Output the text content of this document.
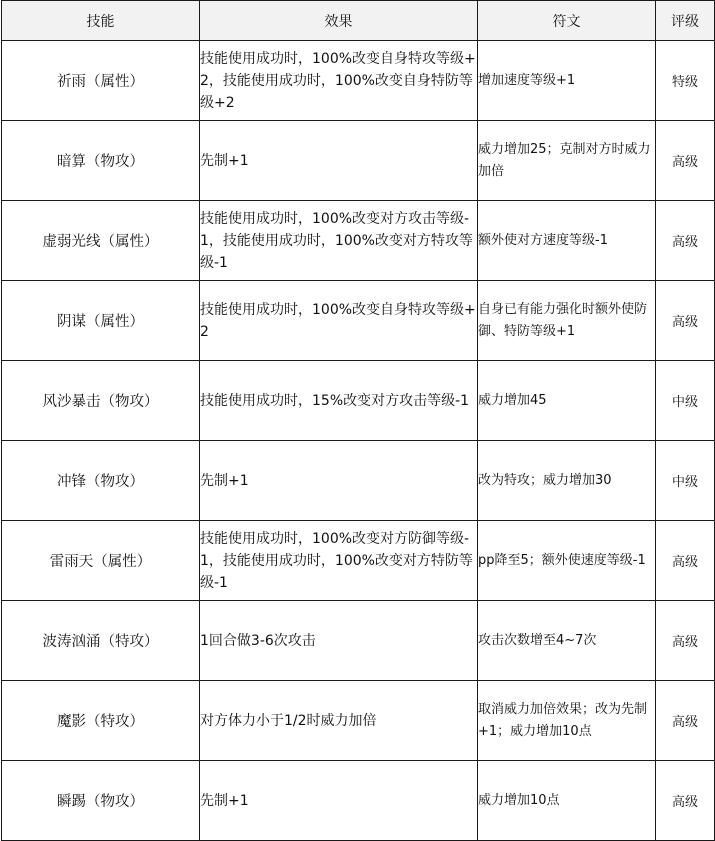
技能	效果	符文	评级
祈雨（属性）	技能使用成功时，100%改变自身特攻等级+2，技能使用成功时，100%改变自身特防等级+2	增加速度等级+1	特级
暗算（物攻）	先制+1	威力增加25；克制对方时威力加倍	高级
虚弱光线（属性）	技能使用成功时，100%改变对方攻击等级-1，技能使用成功时，100%改变对方特攻等级-1	额外使对方速度等级-1	高级
阴谋（属性）	技能使用成功时，100%改变自身特攻等级+2	自身已有能力强化时额外使防御、特防等级+1	高级
风沙暴击（物攻）	技能使用成功时，15%改变对方攻击等级-1	威力增加45	中级
冲锋（物攻）	先制+1	改为特攻；威力增加30	中级
雷雨天（属性）	技能使用成功时，100%改变对方防御等级-1，技能使用成功时，100%改变对方特防等级-1	pp降至5；额外使速度等级-1	高级
波涛汹涌（特攻）	1回合做3-6次攻击	攻击次数增至4~7次	高级
魔影（特攻）	对方体力小于1/2时威力加倍	取消威力加倍效果；改为先制+1；威力增加10点	高级
瞬踢（物攻）	先制+1	威力增加10点	高级
